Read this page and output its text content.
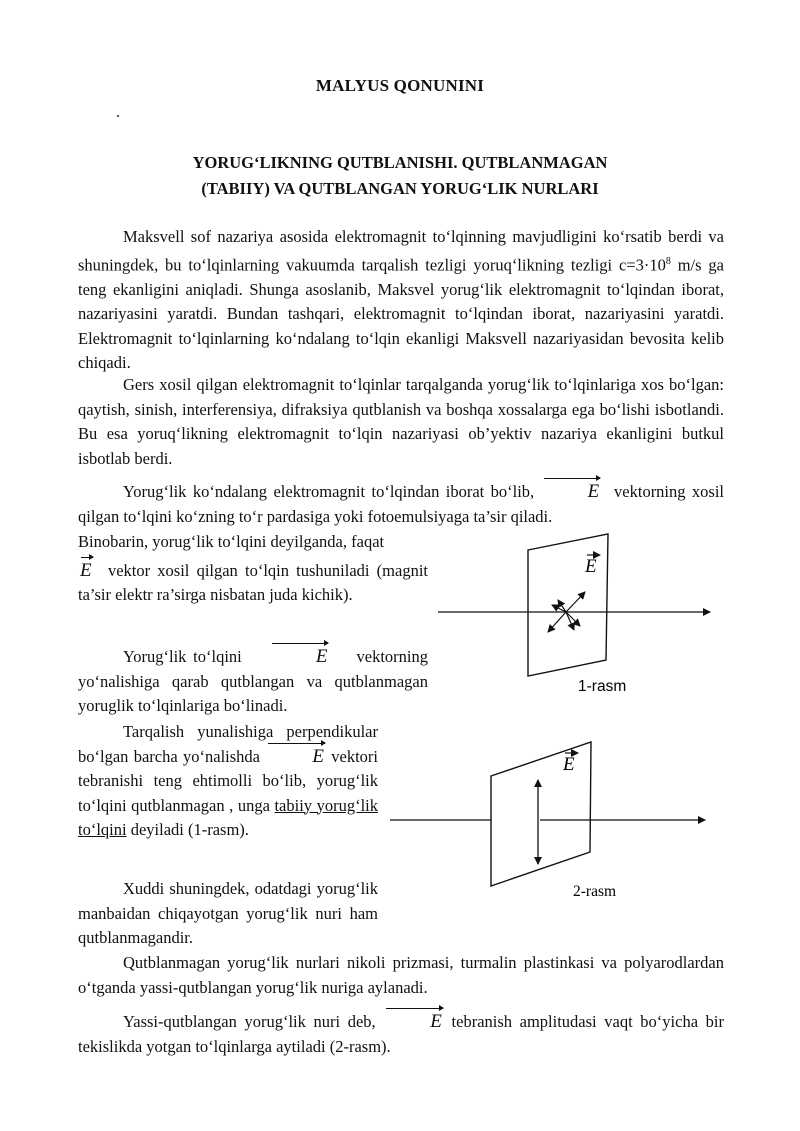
MALYUS QONUNINI
.
YORUG‘LIKNING QUTBLANISHI. QUTBLANMAGAN
(TABIIY) VA QUTBLANGAN YORUG‘LIK NURLARI
Maksvell sof nazariya asosida elektromagnit to‘lqinning mavjudligini ko‘rsatib berdi va shuningdek, bu to‘lqinlarning vakuumda tarqalish tezligi yoruq‘likning tezligi $c=3\cdot 10^8$ m/s ga teng ekanligini aniqladi. Shunga asoslanib, Maksvel yorug‘lik elektromagnit to‘lqindan iborat, nazariyasini yaratdi. Bundan tashqari, elektromagnit to‘lqindan iborat, nazariyasini yaratdi. Elektromagnit to‘lqinlarning ko‘ndalang to‘lqin ekanligi Maksvell nazariyasidan bevosita kelib chiqadi.
Gers xosil qilgan elektromagnit to‘lqinlar tarqalganda yorug‘lik to‘lqinlariga xos bo‘lgan: qaytish, sinish, interferensiya, difraksiya qutblanish va boshqa xossalarga ega bo‘lishi isbotlandi. Bu esa yoruq‘likning elektromagnit to‘lqin nazariyasi ob’yektiv nazariya ekanligini butkul isbotlab berdi.
Yorug‘lik ko‘ndalang elektromagnit to‘lqindan iborat bo‘lib,	E vektorning xosil qilgan to‘lqini ko‘zning to‘r pardasiga yoki fotoemulsiyaga ta’sir qiladi.
Binobarin, yorug‘lik to‘lqini deyilganda, faqat
E vektor xosil qilgan to‘lqin tushuniladi (magnit ta’sir elektr ra’sirga nisbatan juda kichik).
Yorug‘lik to‘lqini	E vektorning yo‘nalishiga qarab qutblangan va qutblanmagan yoruglik to‘lqinlariga bo‘linadi.
Tarqalish yunalishiga perpendikular bo‘lgan barcha yo‘nalishda	E vektori tebranishi teng ehtimolli bo‘lib, yorug‘lik to‘lqini qutblanmagan , unga tabiiy yorug‘lik to‘lqini deyiladi (1-rasm).
Xuddi shuningdek, odatdagi yorug‘lik manbaidan chiqayotgan yorug‘lik nuri ham qutblanmagandir.
Qutblanmagan yorug‘lik nurlari nikoli prizmasi, turmalin plastinkasi va polyarodlardan o‘tganda yassi-qutblangan yorug‘lik nuriga aylanadi.
Yassi-qutblangan yorug‘lik nuri deb,	E tebranish amplitudasi vaqt bo‘yicha bir tekislikda yotgan to‘lqinlarga aytiladi (2-rasm).
E
1-rasm
E
2-rasm
